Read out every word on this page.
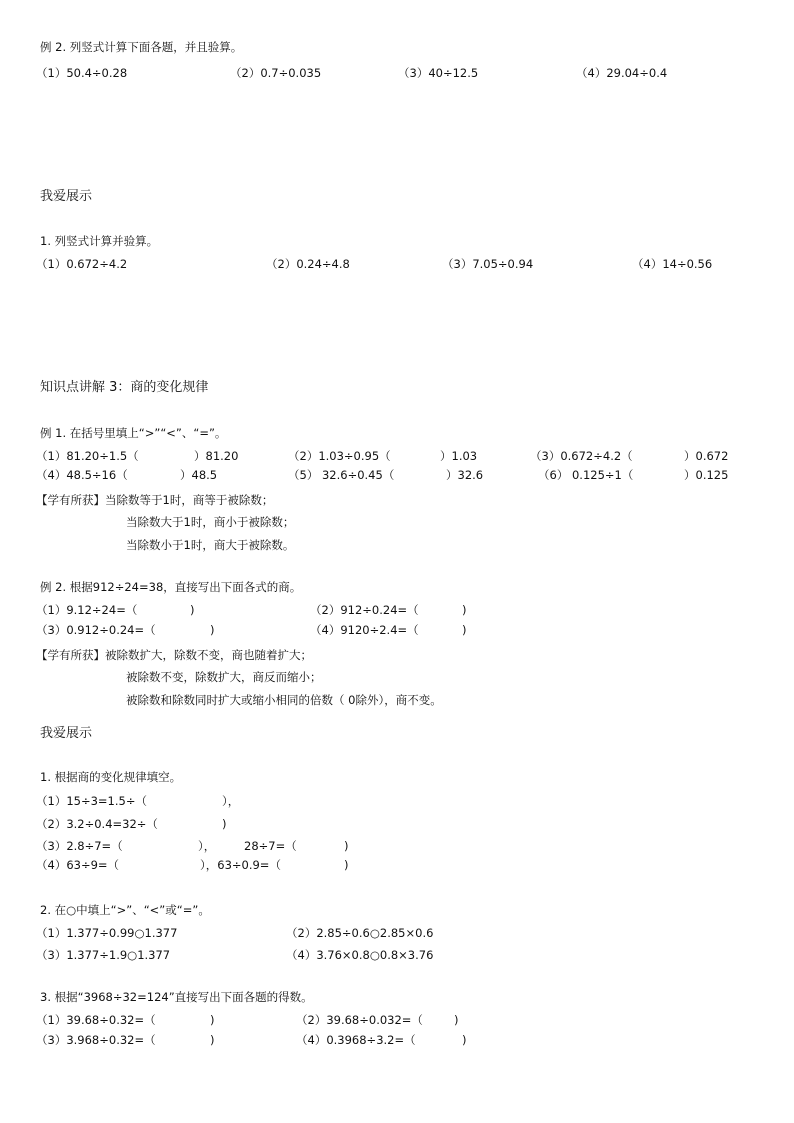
例 2. 列竖式计算下面各题，并且验算。
（1）50.4÷0.28	（2）0.7÷0.035	（3）40÷12.5	（4）29.04÷0.4
我爱展示
1. 列竖式计算并验算。
（1）0.672÷4.2	（2）0.24÷4.8	（3）7.05÷0.94	（4）14÷0.56
知识点讲解 3：商的变化规律
例 1. 在括号里填上“>”“<”、“=”。
（1）81.20÷1.5（	）81.20	（2）1.03÷0.95（	）1.03	（3）0.672÷4.2（	）0.672
（4）48.5÷16（	）48.5	（5） 32.6÷0.45（	）32.6	（6） 0.125÷1（	）0.125
【学有所获】当除数等于1时，商等于被除数；
当除数大于1时，商小于被除数；
当除数小于1时，商大于被除数。
例 2. 根据912÷24=38，直接写出下面各式的商。
（1）9.12÷24=（	)	（2）912÷0.24=（	)
（3）0.912÷0.24=（	)	（4）9120÷2.4=（	)
【学有所获】被除数扩大，除数不变，商也随着扩大；
被除数不变，除数扩大，商反而缩小；
被除数和除数同时扩大或缩小相同的倍数（ 0除外），商不变。
我爱展示
1. 根据商的变化规律填空。
（1）15÷3=1.5÷（	），
（2）3.2÷0.4=32÷（	)
（3）2.8÷7=（	），	28÷7=（	)
（4）63÷9=（	），63÷0.9=（	)
2. 在○中填上“>”、“<”或“=”。
（1）1.377÷0.99○1.377	（2）2.85÷0.6○2.85×0.6
（3）1.377÷1.9○1.377	（4）3.76×0.8○0.8×3.76
3. 根据“3968÷32=124”直接写出下面各题的得数。
（1）39.68÷0.32=（	)	（2）39.68÷0.032=（	)
（3）3.968÷0.32=（	)	（4）0.3968÷3.2=（	)
